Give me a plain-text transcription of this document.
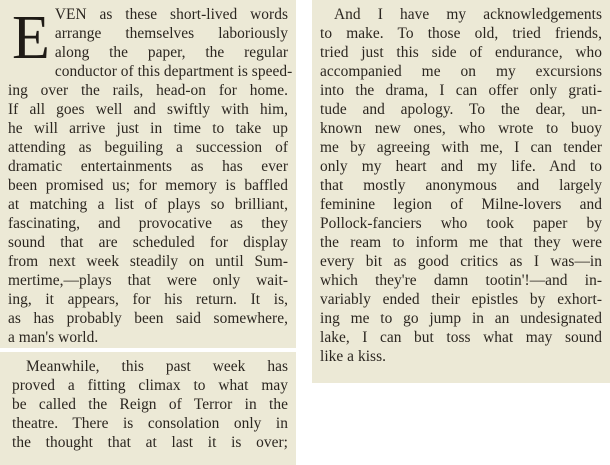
E VEN as these short-lived words
arrange themselves laboriously
along the paper, the regular
conductor of this department is speed-
ing over the rails, head-on for home.
If all goes well and swiftly with him,
he will arrive just in time to take up
attending as beguiling a succession of
dramatic entertainments as has ever
been promised us; for memory is baffled
at matching a list of plays so brilliant,
fascinating, and provocative as they
sound that are scheduled for display
from next week steadily on until Sum-
mertime,—plays that were only wait-
ing, it appears, for his return. It is,
as has probably been said somewhere,
a man's world.
Meanwhile, this past week has
proved a fitting climax to what may
be called the Reign of Terror in the
theatre. There is consolation only in
the thought that at last it is over;
And I have my acknowledgements
to make. To those old, tried friends,
tried just this side of endurance, who
accompanied me on my excursions
into the drama, I can offer only grati-
tude and apology. To the dear, un-
known new ones, who wrote to buoy
me by agreeing with me, I can tender
only my heart and my life. And to
that mostly anonymous and largely
feminine legion of Milne-lovers and
Pollock-fanciers who took paper by
the ream to inform me that they were
every bit as good critics as I was—in
which they're damn tootin'!—and in-
variably ended their epistles by exhort-
ing me to go jump in an undesignated
lake, I can but toss what may sound
like a kiss.
